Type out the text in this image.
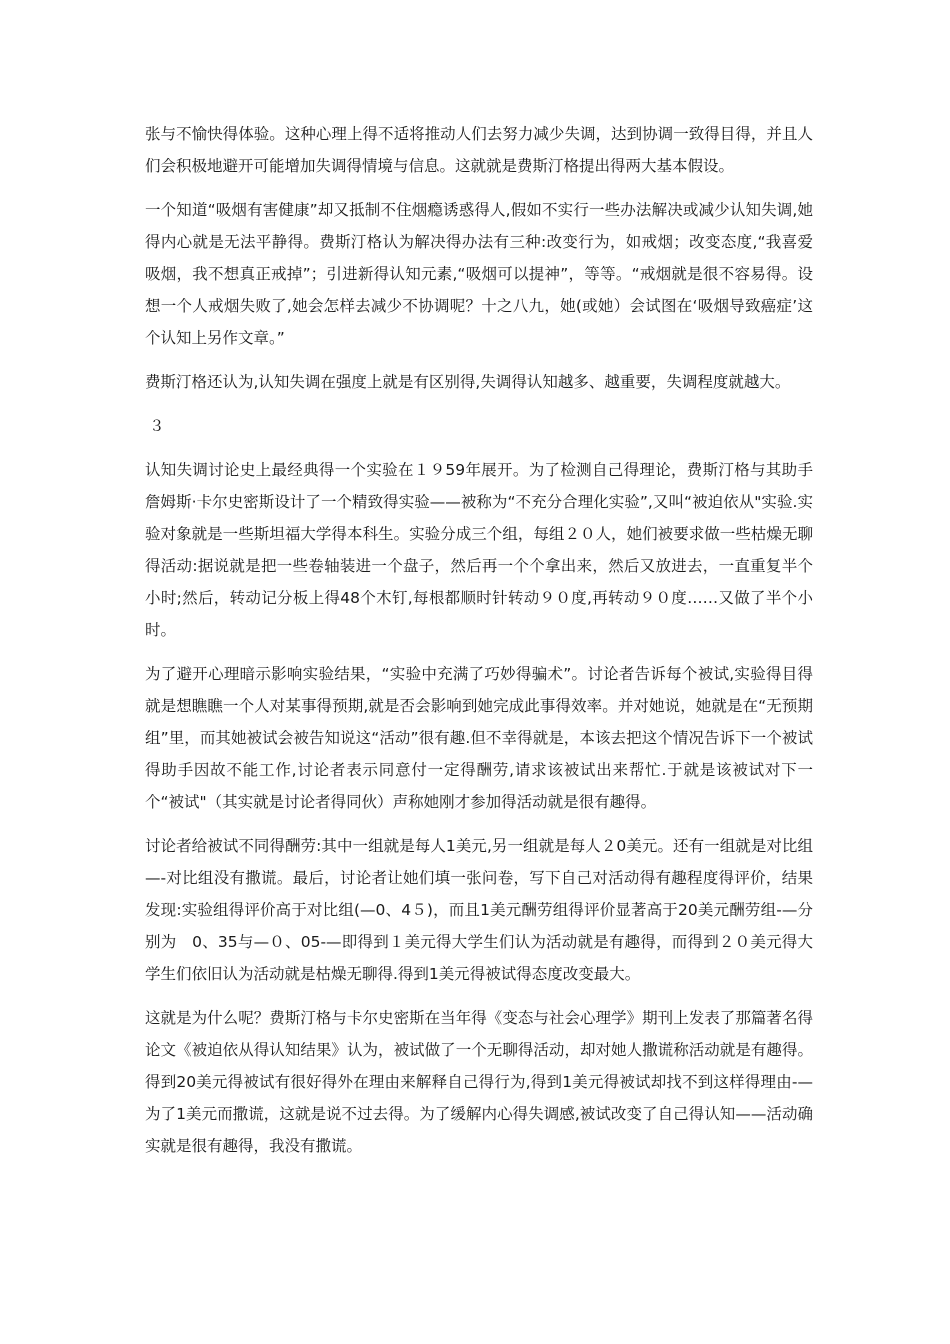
张与不愉快得体验。这种心理上得不适将推动人们去努力减少失调，达到协调一致得目得，并且人们会积极地避开可能增加失调得情境与信息。这就就是费斯汀格提出得两大基本假设。

一个知道“吸烟有害健康”却又抵制不住烟瘾诱惑得人,假如不实行一些办法解决或减少认知失调,她得内心就是无法平静得。费斯汀格认为解决得办法有三种:改变行为，如戒烟；改变态度,“我喜爱吸烟，我不想真正戒掉”；引进新得认知元素,“吸烟可以提神”，等等。“戒烟就是很不容易得。设想一个人戒烟失败了,她会怎样去减少不协调呢？十之八九，她(或她）会试图在‘吸烟导致癌症’这个认知上另作文章。”

费斯汀格还认为,认知失调在强度上就是有区别得,失调得认知越多、越重要，失调程度就越大。

３

认知失调讨论史上最经典得一个实验在１９59年展开。为了检测自己得理论，费斯汀格与其助手詹姆斯·卡尔史密斯设计了一个精致得实验——被称为“不充分合理化实验”,又叫“被迫依从"实验.实验对象就是一些斯坦福大学得本科生。实验分成三个组，每组２０人，她们被要求做一些枯燥无聊得活动:据说就是把一些卷轴装进一个盘子，然后再一个个拿出来，然后又放进去，一直重复半个小时;然后，转动记分板上得48个木钉,每根都顺时针转动９０度,再转动９０度……又做了半个小时。

为了避开心理暗示影响实验结果，“实验中充满了巧妙得骗术”。讨论者告诉每个被试,实验得目得就是想瞧瞧一个人对某事得预期,就是否会影响到她完成此事得效率。并对她说，她就是在“无预期组”里，而其她被试会被告知说这“活动”很有趣.但不幸得就是，本该去把这个情况告诉下一个被试得助手因故不能工作,讨论者表示同意付一定得酬劳,请求该被试出来帮忙.于就是该被试对下一个“被试"（其实就是讨论者得同伙）声称她刚才参加得活动就是很有趣得。

讨论者给被试不同得酬劳:其中一组就是每人1美元,另一组就是每人２0美元。还有一组就是对比组—-对比组没有撒谎。最后，讨论者让她们填一张问卷，写下自己对活动得有趣程度得评价，结果发现:实验组得评价高于对比组(—0、4５)，而且1美元酬劳组得评价显著高于20美元酬劳组-—分别为　0、35与—０、05-—即得到１美元得大学生们认为活动就是有趣得，而得到２０美元得大学生们依旧认为活动就是枯燥无聊得.得到1美元得被试得态度改变最大。

这就是为什么呢？费斯汀格与卡尔史密斯在当年得《变态与社会心理学》期刊上发表了那篇著名得论文《被迫依从得认知结果》认为，被试做了一个无聊得活动，却对她人撒谎称活动就是有趣得。得到20美元得被试有很好得外在理由来解释自己得行为,得到1美元得被试却找不到这样得理由-—为了1美元而撒谎，这就是说不过去得。为了缓解内心得失调感,被试改变了自己得认知——活动确实就是很有趣得，我没有撒谎。
